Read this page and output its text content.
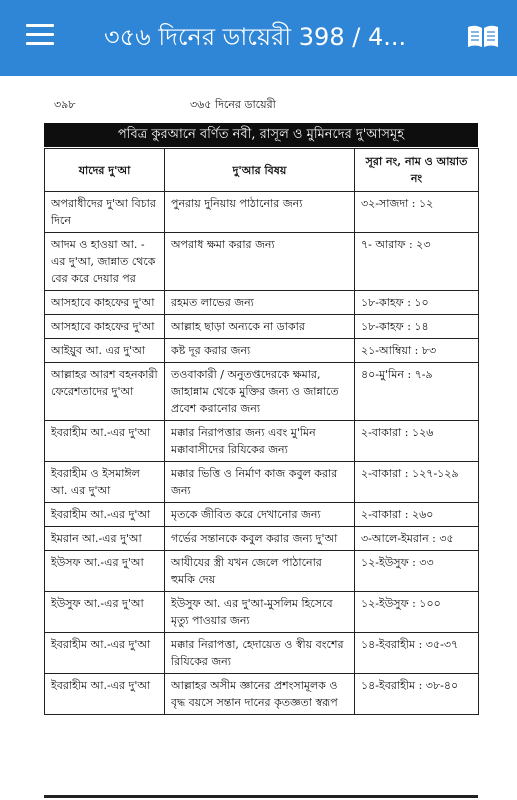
৩৫৬ দিনের ডায়েরী 398 / 4...
৩৯৮	৩৬৫ দিনের ডায়েরী
পবিত্র কুরআনে বর্ণিত নবী, রাসূল ও মুমিনদের দু'আসমূহ
যাদের দু'আ	দু'আর বিষয়	সূরা নং, নাম ও আয়াত নং
অপরাধীদের দু'আ বিচার দিনে	পুনরায় দুনিয়ায় পাঠানোর জন্য	৩২-সাজদা : ১২
আদম ও হাওয়া আ. - এর দু'আ, জান্নাত থেকে বের করে দেয়ার পর	অপরাধ ক্ষমা করার জন্য	৭- আরাফ : ২৩
আসহাবে কাহফের দু'আ	রহমত লাভের জন্য	১৮-কাহফ : ১০
আসহাবে কাহফের দু'আ	আল্লাহ ছাড়া অন্যকে না ডাকার	১৮-কাহফ : ১৪
আইয়ুব আ. এর দু'আ	কষ্ট দূর করার জন্য	২১-আম্বিয়া : ৮৩
আল্লাহর আরশ বহনকারী ফেরেশতাদের দু'আ	তওবাকারী / অনুতপ্তদেরকে ক্ষমার, জাহান্নাম থেকে মুক্তির জন্য ও জান্নাতে প্রবেশ করানোর জন্য	৪০-মু'মিন : ৭-৯
ইবরাহীম আ.-এর দু'আ	মক্কার নিরাপত্তার জন্য এবং মু'মিন মক্কাবাসীদের রিযিকের জন্য	২-বাকারা : ১২৬
ইবরাহীম ও ইসমাঈল আ. এর দু'আ	মক্কার ভিত্তি ও নির্মাণ কাজ কবুল করার জন্য	২-বাকারা : ১২৭-১২৯
ইবরাহীম আ.-এর দু'আ	মৃতকে জীবিত করে দেখানোর জন্য	২-বাকারা : ২৬০
ইমরান আ.-এর দু'আ	গর্ভের সন্তানকে কবুল করার জন্য দু'আ	৩-আলে-ইমরান : ৩৫
ইউসফ আ.-এর দু'আ	আযীযের স্ত্রী যখন জেলে পাঠানোর হুমকি দেয়	১২-ইউসুফ : ৩৩
ইউসুফ আ.-এর দু'আ	ইউসুফ আ. এর দু'আ-মুসলিম হিসেবে মৃত্যু পাওয়ার জন্য	১২-ইউসুফ : ১০০
ইবরাহীম আ.-এর দু'আ	মক্কার নিরাপত্তা, হেদায়েত ও স্বীয় বংশের রিযিকের জন্য	১৪-ইবরাহীম : ৩৫-৩৭
ইবরাহীম আ.-এর দু'আ	আল্লাহর অসীম জ্ঞানের প্রশংসামূলক ও বৃদ্ধ বয়সে সন্তান দানের কৃতজ্ঞতা স্বরূপ	১৪-ইবরাহীম : ৩৮-৪০
